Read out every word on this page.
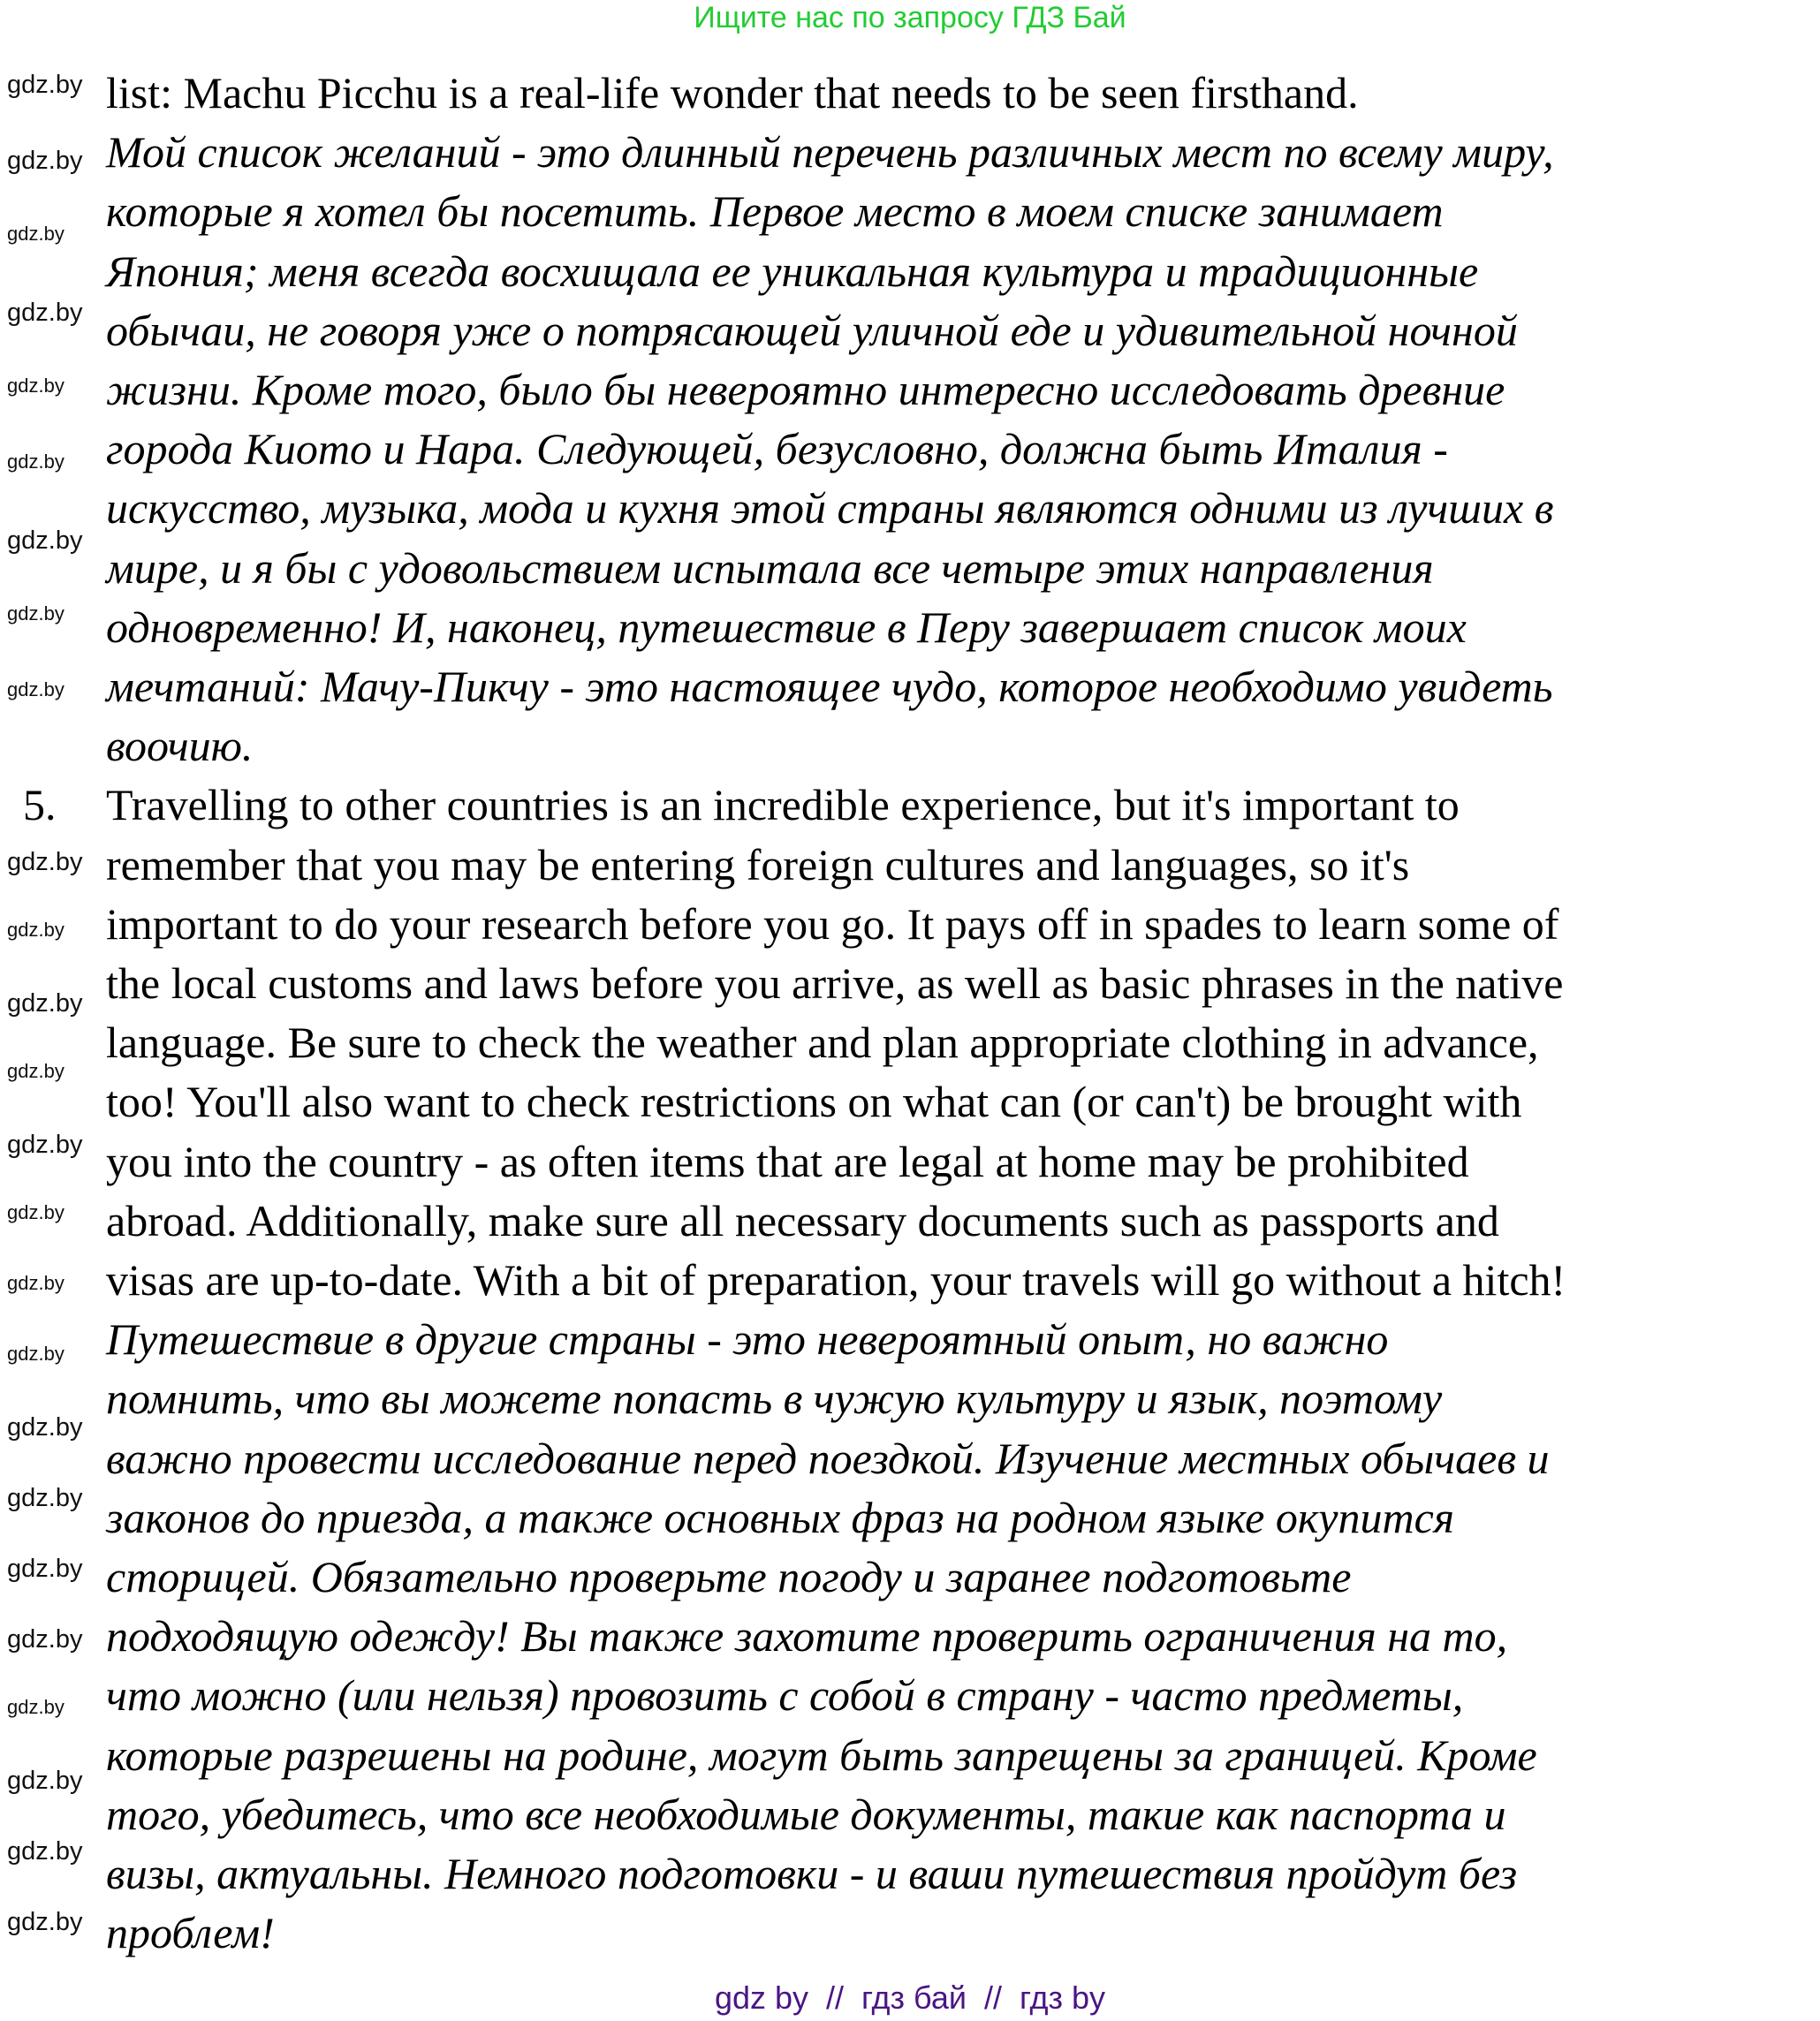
Ищите нас по запросу ГДЗ Бай
list: Machu Picchu is a real-life wonder that needs to be seen firsthand.
Мой список желаний - это длинный перечень различных мест по всему миру,
которые я хотел бы посетить. Первое место в моем списке занимает
Япония; меня всегда восхищала ее уникальная культура и традиционные
обычаи, не говоря уже о потрясающей уличной еде и удивительной ночной
жизни. Кроме того, было бы невероятно интересно исследовать древние
города Киото и Нара. Следующей, безусловно, должна быть Италия -
искусство, музыка, мода и кухня этой страны являются одними из лучших в
мире, и я бы с удовольствием испытала все четыре этих направления
одновременно! И, наконец, путешествие в Перу завершает список моих
мечтаний: Мачу-Пикчу - это настоящее чудо, которое необходимо увидеть
воочию.
Travelling to other countries is an incredible experience, but it's important to
remember that you may be entering foreign cultures and languages, so it's
important to do your research before you go. It pays off in spades to learn some of
the local customs and laws before you arrive, as well as basic phrases in the native
language. Be sure to check the weather and plan appropriate clothing in advance,
too! You'll also want to check restrictions on what can (or can't) be brought with
you into the country - as often items that are legal at home may be prohibited
abroad. Additionally, make sure all necessary documents such as passports and
visas are up-to-date. With a bit of preparation, your travels will go without a hitch!
Путешествие в другие страны - это невероятный опыт, но важно
помнить, что вы можете попасть в чужую культуру и язык, поэтому
важно провести исследование перед поездкой. Изучение местных обычаев и
законов до приезда, а также основных фраз на родном языке окупится
сторицей. Обязательно проверьте погоду и заранее подготовьте
подходящую одежду! Вы также захотите проверить ограничения на то,
что можно (или нельзя) провозить с собой в страну - часто предметы,
которые разрешены на родине, могут быть запрещены за границей. Кроме
того, убедитесь, что все необходимые документы, такие как паспорта и
визы, актуальны. Немного подготовки - и ваши путешествия пройдут без
проблем!
5.
gdz.by
gdz.by
gdz.by
gdz.by
gdz.by
gdz.by
gdz.by
gdz.by
gdz.by
gdz.by
gdz.by
gdz.by
gdz.by
gdz.by
gdz.by
gdz.by
gdz.by
gdz.by
gdz.by
gdz.by
gdz.by
gdz.by
gdz.by
gdz.by
gdz.by
gdz by  //  гдз бай  //  гдз by
